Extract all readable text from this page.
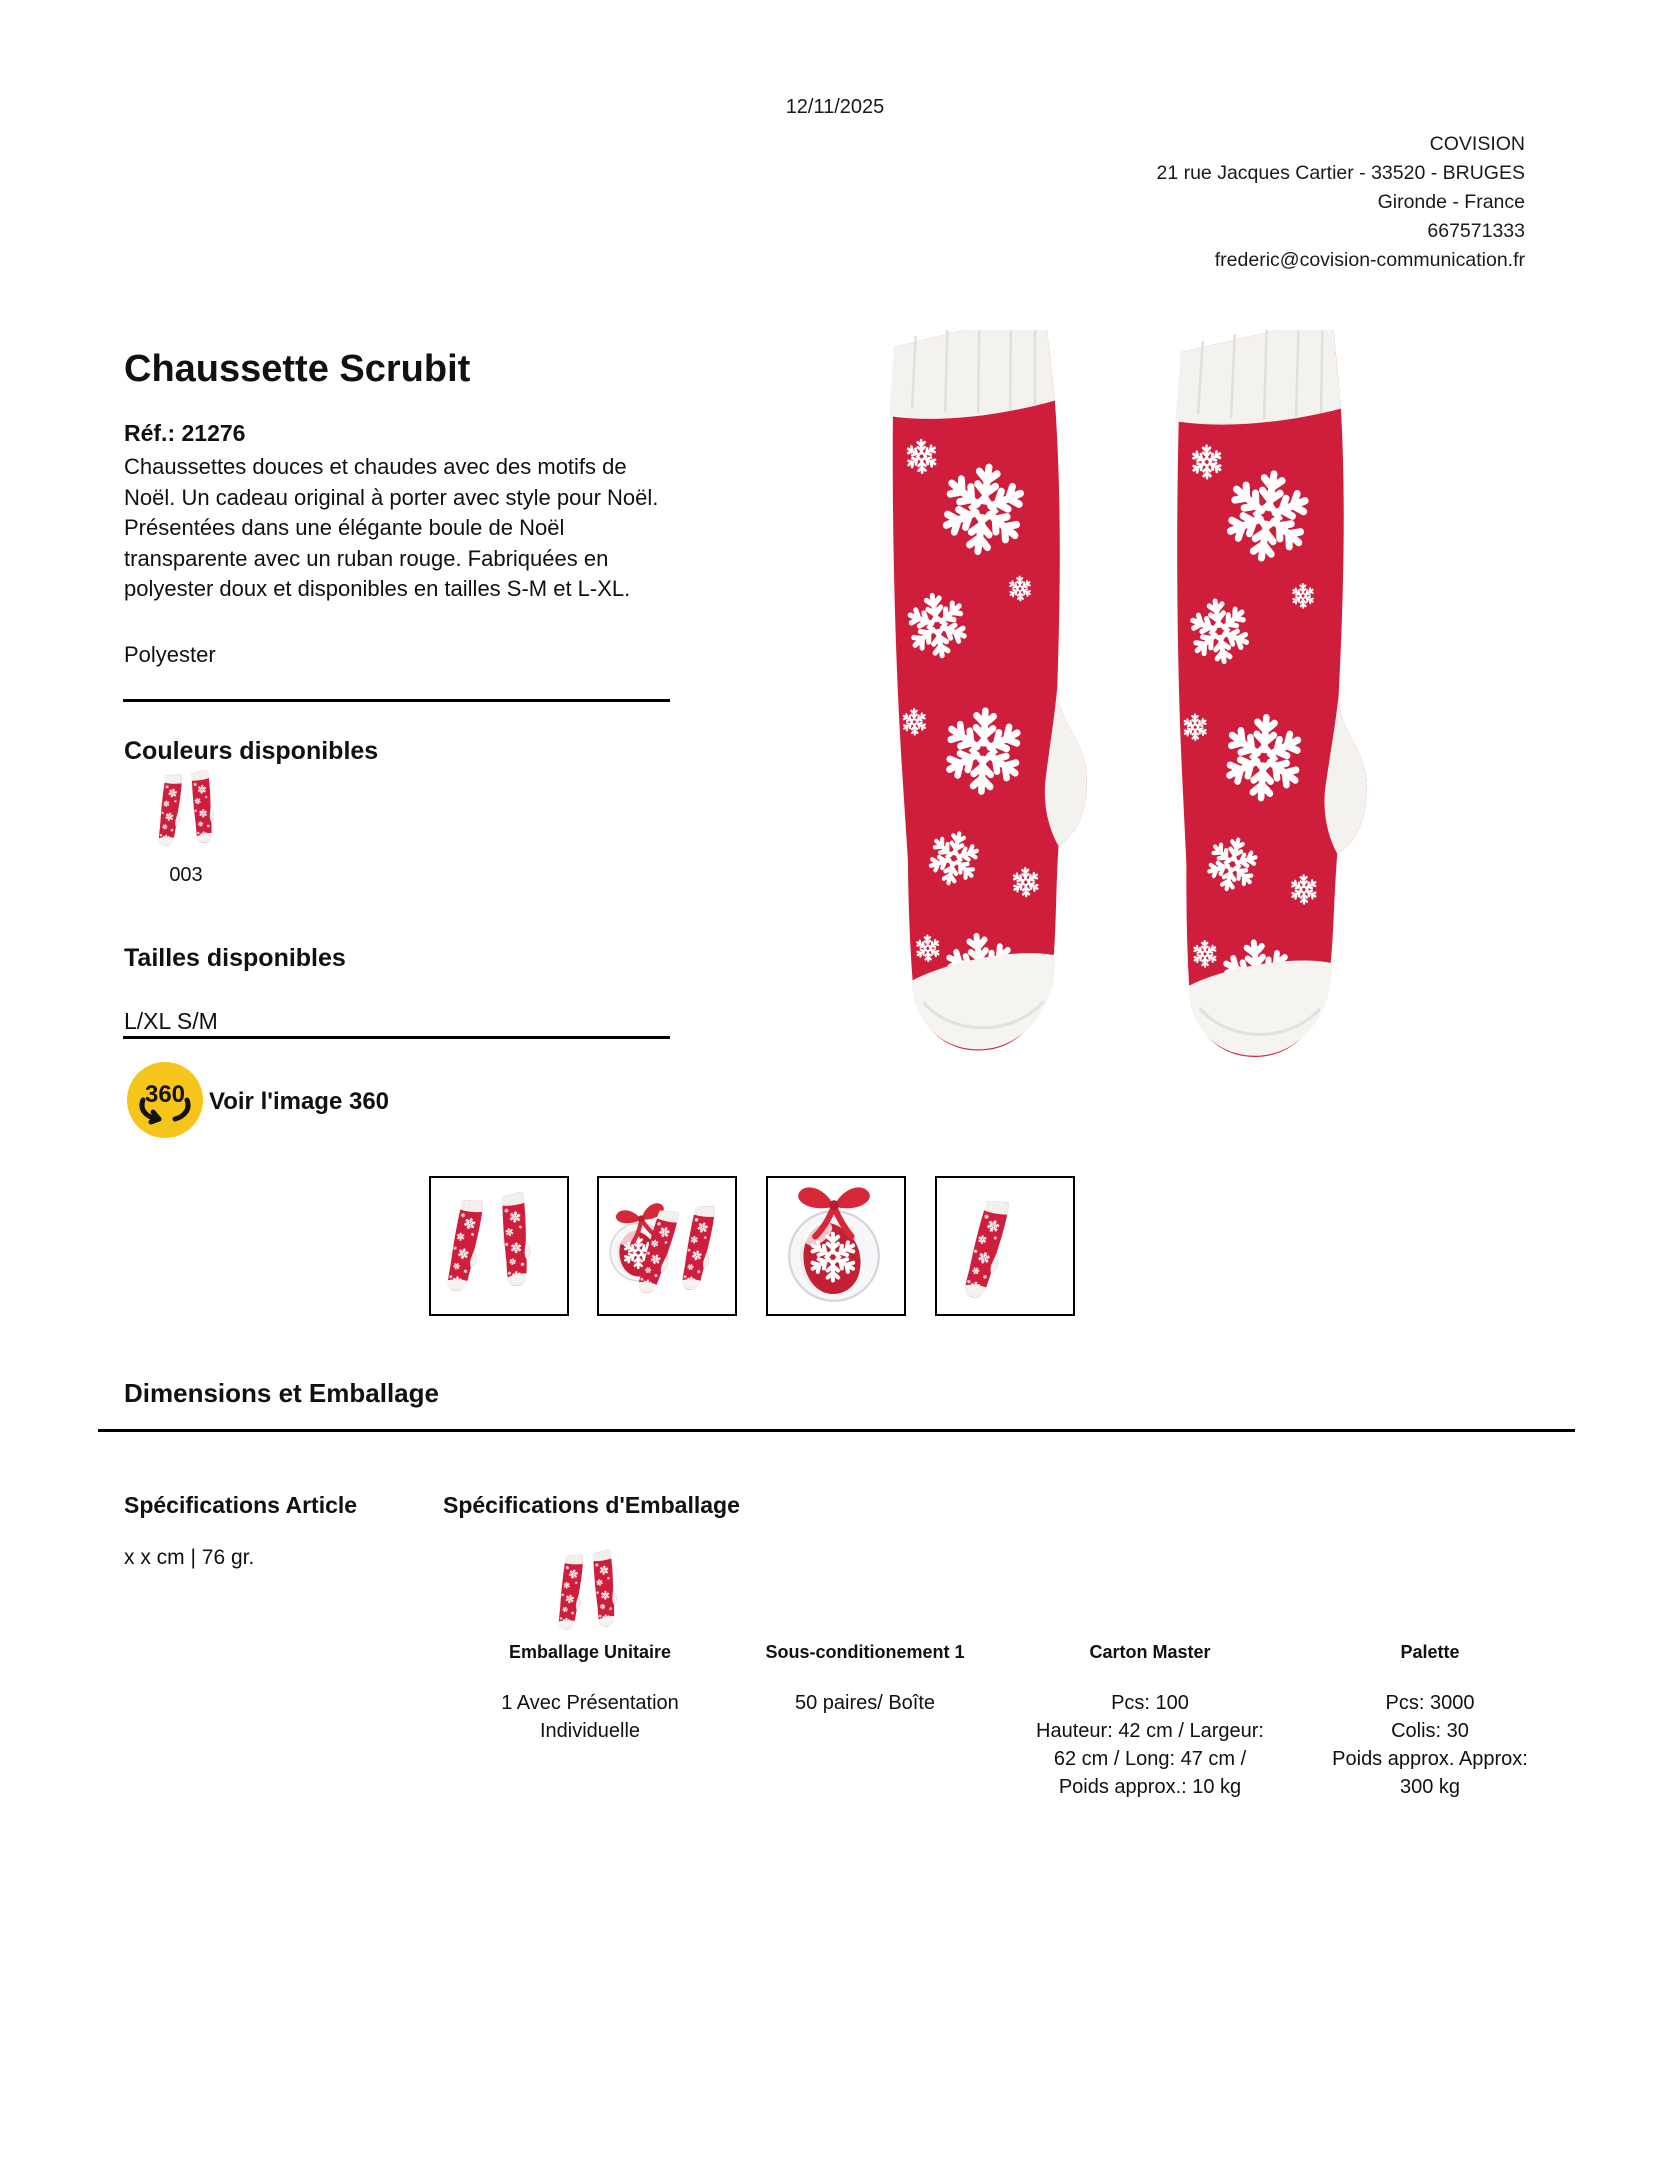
12/11/2025
COVISION
21 rue Jacques Cartier - 33520 - BRUGES
Gironde - France
667571333
frederic@covision-communication.fr
Chaussette Scrubit
Réf.: 21276
Chaussettes douces et chaudes avec des motifs de Noël. Un cadeau original à porter avec style pour Noël. Présentées dans une élégante boule de Noël transparente avec un ruban rouge. Fabriquées en polyester doux et disponibles en tailles S-M et L-XL.
Polyester
Couleurs disponibles
003
Tailles disponibles
L/XL S/M
360 Voir l'image 360
Dimensions et Emballage
Spécifications Article	Spécifications d'Emballage
x x cm | 76 gr.
Emballage Unitaire
1 Avec Présentation
Individuelle
Sous-conditionement 1
50 paires/ Boîte
Carton Master
Pcs: 100
Hauteur: 42 cm / Largeur:
62 cm / Long: 47 cm /
Poids approx.: 10 kg
Palette
Pcs: 3000
Colis: 30
Poids approx. Approx:
300 kg
